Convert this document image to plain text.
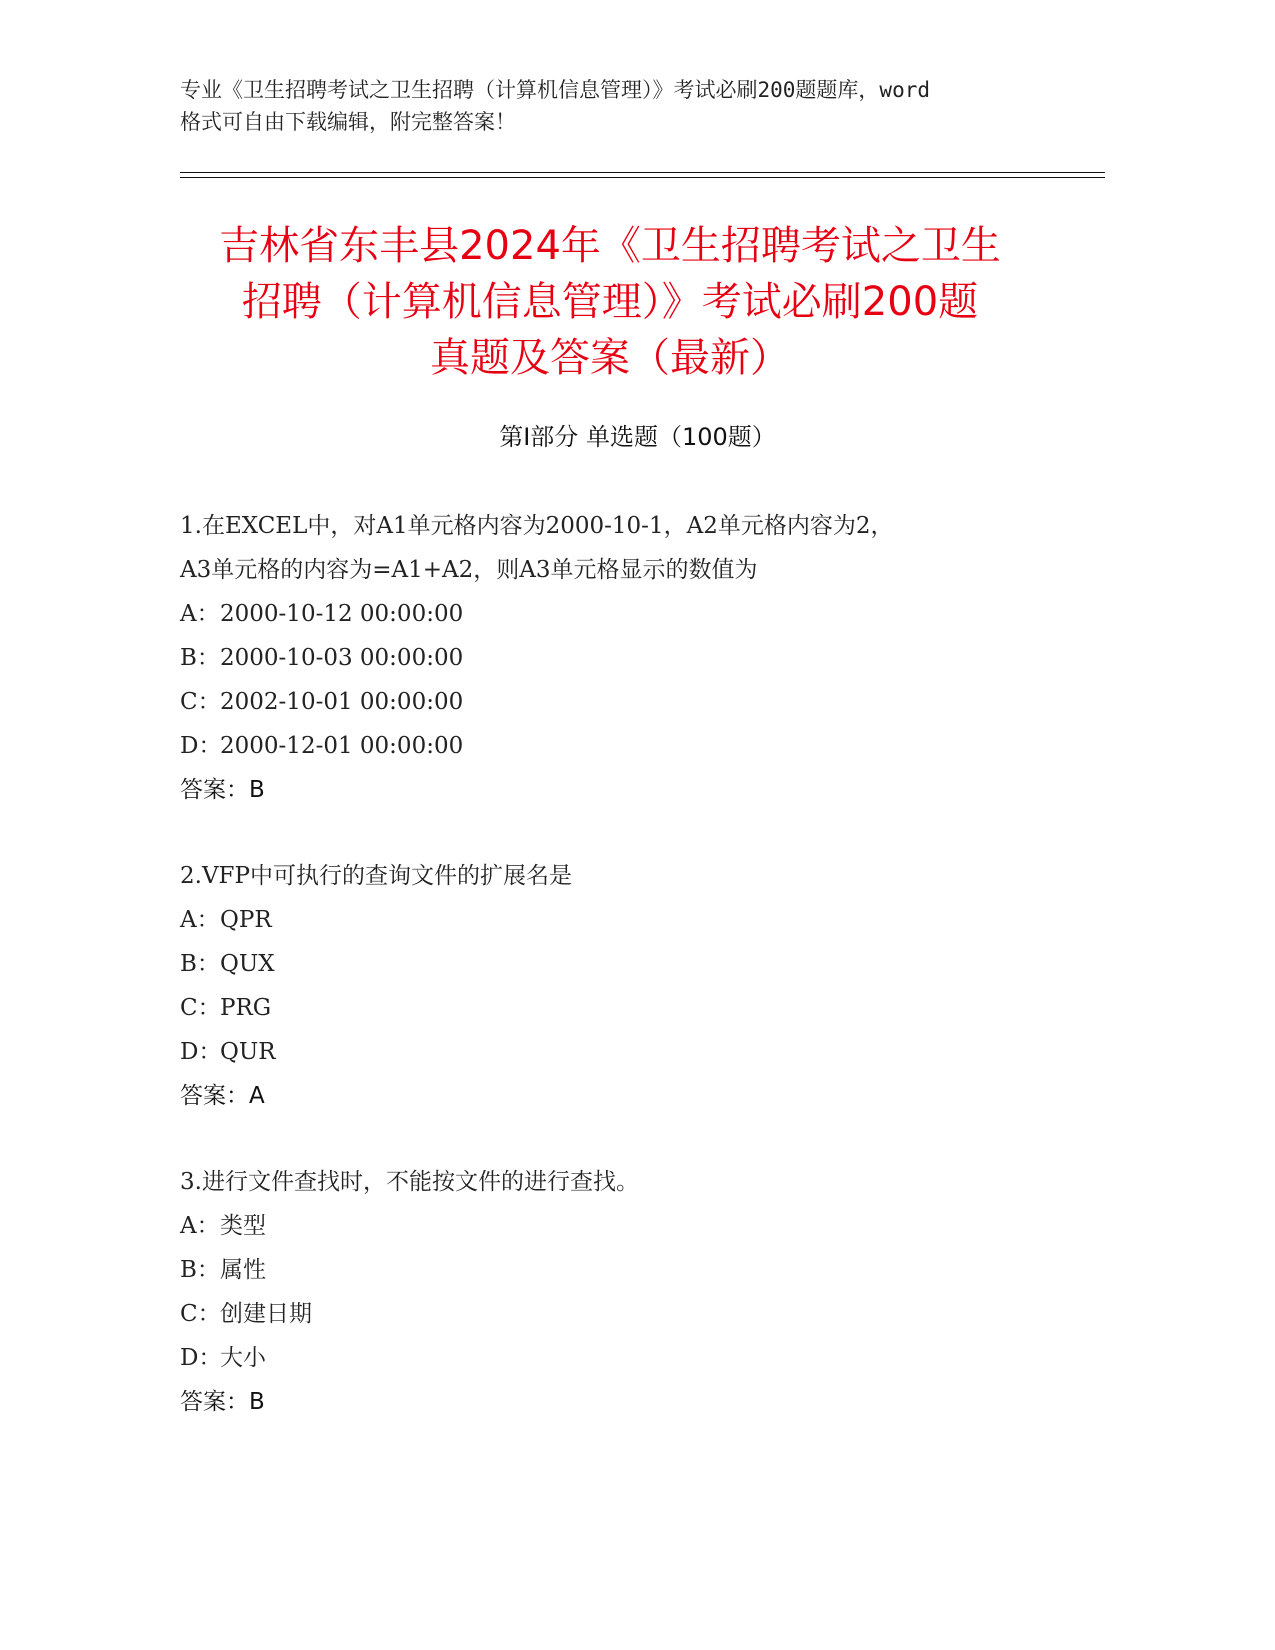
专业《卫生招聘考试之卫生招聘（计算机信息管理）》考试必刷200题题库，word
格式可自由下载编辑，附完整答案！
吉林省东丰县2024年《卫生招聘考试之卫生
招聘（计算机信息管理）》考试必刷200题
真题及答案（最新）
第Ⅰ部分 单选题（100题）
1.在EXCEL中，对A1单元格内容为2000-10-1，A2单元格内容为2，
A3单元格的内容为=A1+A2，则A3单元格显示的数值为
A：2000-10-12 00:00:00
B：2000-10-03 00:00:00
C：2002-10-01 00:00:00
D：2000-12-01 00:00:00
答案：B
2.VFP中可执行的查询文件的扩展名是
A：QPR
B：QUX
C：PRG
D：QUR
答案：A
3.进行文件查找时，不能按文件的进行查找。
A：类型
B：属性
C：创建日期
D：大小
答案：B
